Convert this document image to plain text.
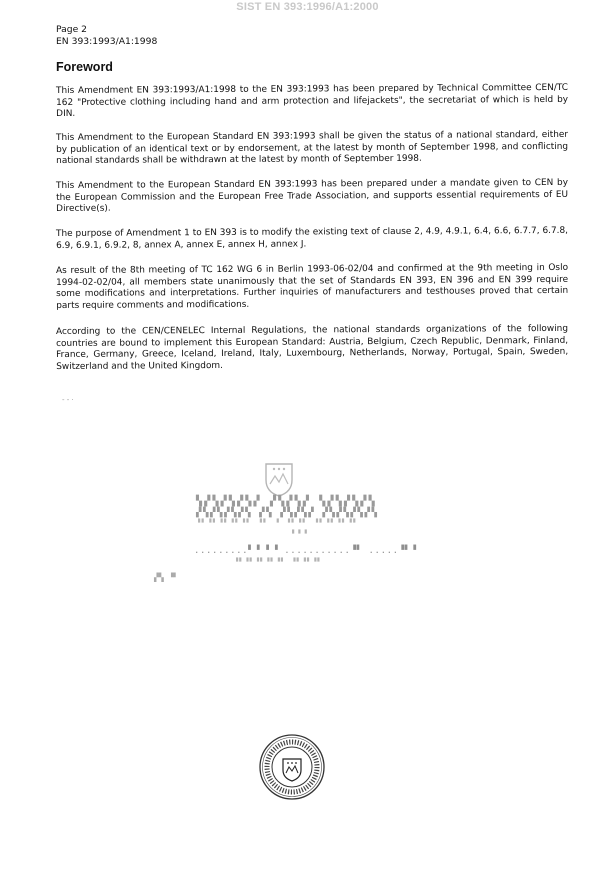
SIST EN 393:1996/A1:2000
Page 2
EN 393:1993/A1:1998
Foreword
This Amendment EN 393:1993/A1:1998 to the EN 393:1993 has been prepared by Technical Committee CEN/TC 162 "Protective clothing including hand and arm protection and lifejackets", the secretariat of which is held by DIN.
This Amendment to the European Standard EN 393:1993 shall be given the status of a national standard, either by publication of an identical text or by endorsement, at the latest by month of September 1998, and conflicting national standards shall be withdrawn at the latest by month of September 1998.
This Amendment to the European Standard EN 393:1993 has been prepared under a mandate given to CEN by the European Commission and the European Free Trade Association, and supports essential requirements of EU Directive(s).
The purpose of Amendment 1 to EN 393 is to modify the existing text of clause 2, 4.9, 4.9.1, 6.4, 6.6, 6.7.7, 6.7.8, 6.9, 6.9.1, 6.9.2, 8, annex A, annex E, annex H, annex J.
As result of the 8th meeting of TC 162 WG 6 in Berlin 1993-06-02/04 and confirmed at the 9th meeting in Oslo 1994-02-02/04, all members state unanimously that the set of Standards EN 393, EN 396 and EN 399 require some modifications and interpretations. Further inquiries of manufacturers and testhouses proved that certain parts require comments and modifications.
According to the CEN/CENELEC Internal Regulations, the national standards organizations of the following countries are bound to implement this European Standard: Austria, Belgium, Czech Republic, Denmark, Finland, France, Germany, Greece, Iceland, Ireland, Italy, Luxembourg, Netherlands, Norway, Portugal, Spain, Sweden, Switzerland and the United Kingdom.
- - ·
▚▞▚▞▚▞▚▞ ▞▚▞▚▞ ▚▞▚▞▚▞▚
▞▚▞▚▞▚▞▚ ▞▚ ▞▚▞▚▞ ▞▚▞▚▞▚▞▚
▝▘▝▘▝▘▝▘▝▘ ▝▘ ▝ ▝▘▝▘ ▝▘▝▘▝▘▝▘
▝ ▘▝
.........▘▝ ▘▝ ...........▝▘ .....▝▘▝
▝▘▝▘▝▘▝▘▝▘ ▝▘▝▘▝▘
▞▚ ▝▘
